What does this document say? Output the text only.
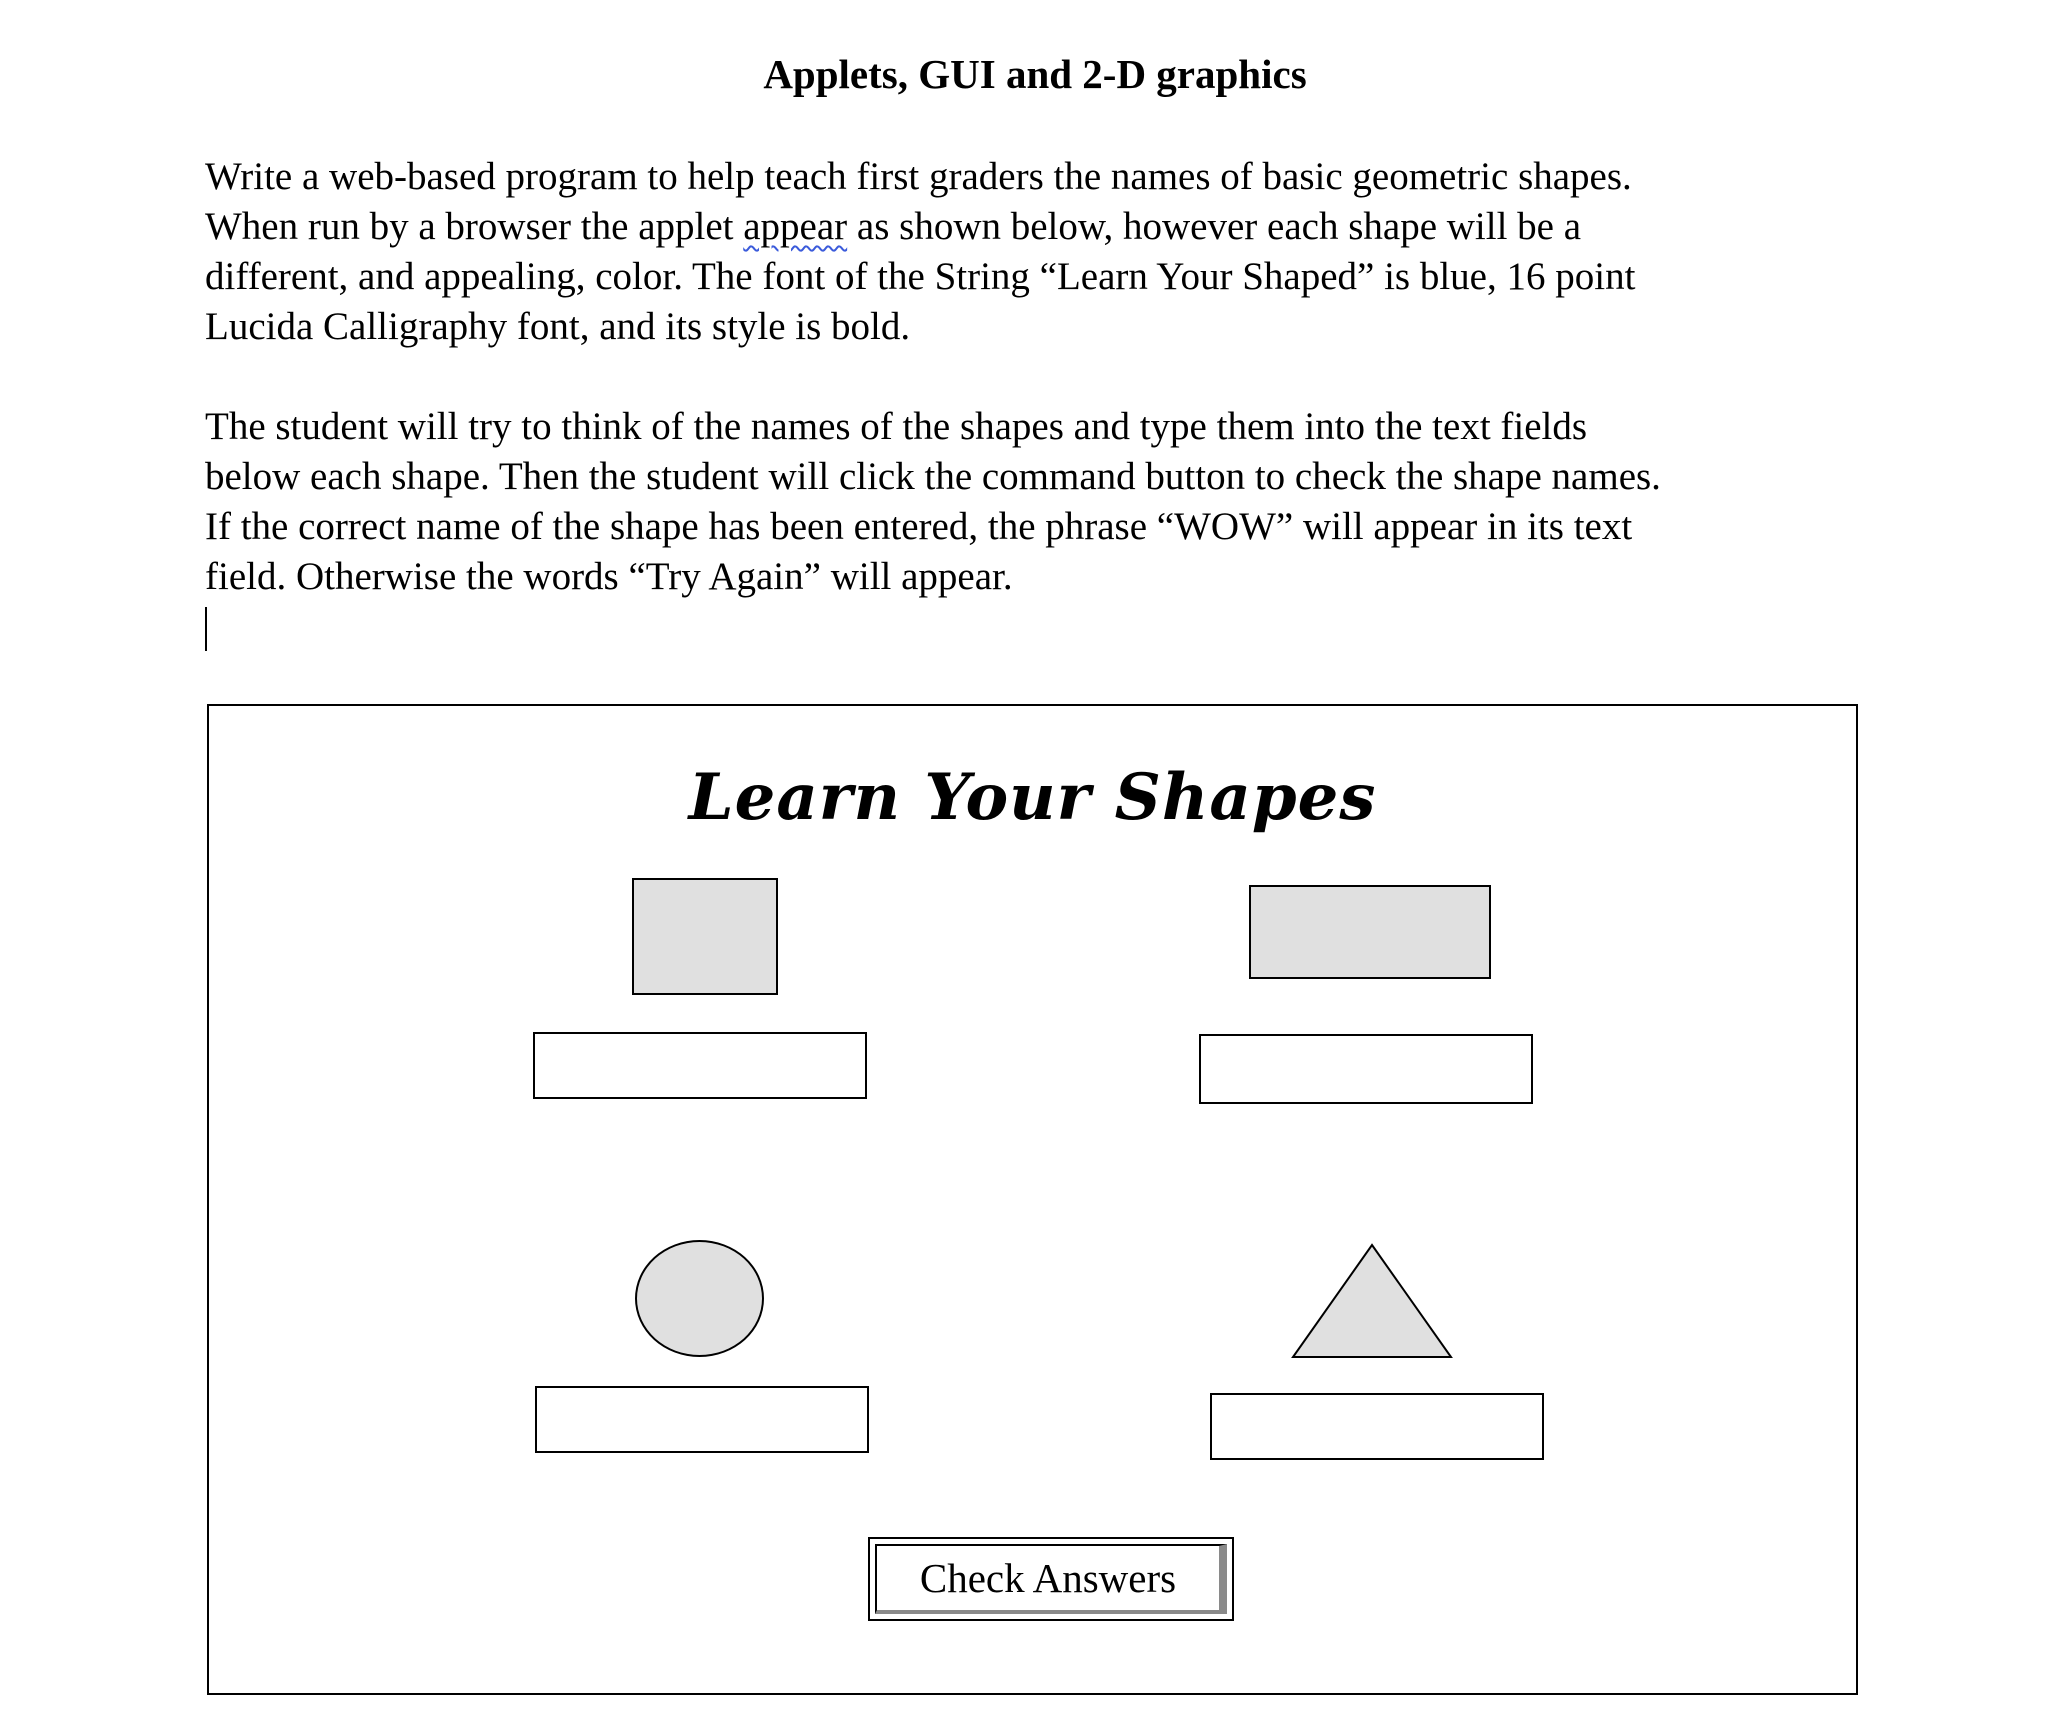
Applets, GUI and 2-D graphics

Write a web-based program to help teach first graders the names of basic geometric shapes.
When run by a browser the applet appear as shown below, however each shape will be a
different, and appealing, color. The font of the String “Learn Your Shaped” is blue, 16 point
Lucida Calligraphy font, and its style is bold.

The student will try to think of the names of the shapes and type them into the text fields
below each shape. Then the student will click the command button to check the shape names.
If the correct name of the shape has been entered, the phrase “WOW” will appear in its text
field. Otherwise the words “Try Again” will appear.

Learn Your Shapes
Check Answers
